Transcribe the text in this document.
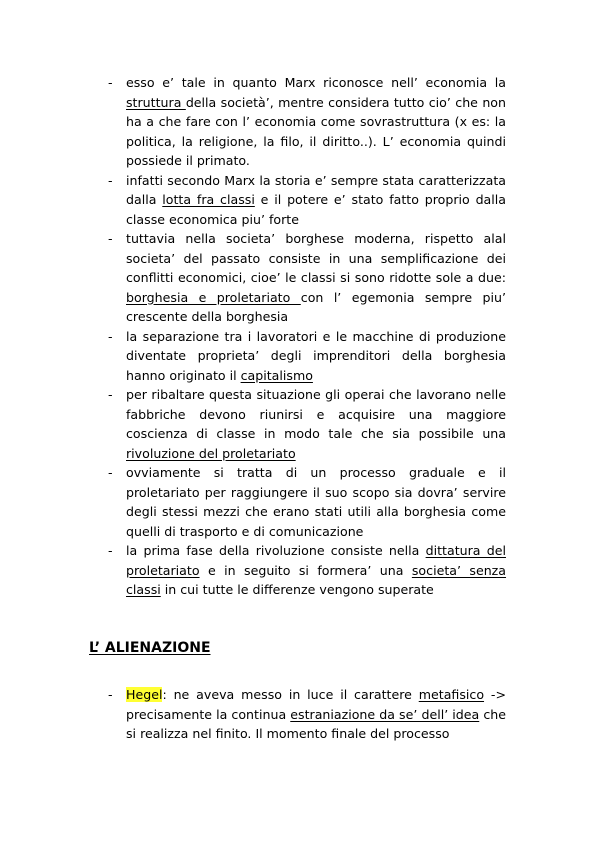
- esso e’ tale in quanto Marx riconosce nell’ economia la struttura della società’, mentre considera tutto cio’ che non ha a che fare con l’ economia come sovrastruttura (x es: la politica, la religione, la filo, il diritto..). L’ economia quindi possiede il primato.
- infatti secondo Marx la storia e’ sempre stata caratterizzata dalla lotta fra classi e il potere e’ stato fatto proprio dalla classe economica piu’ forte
- tuttavia nella societa’ borghese moderna, rispetto alal societa’ del passato consiste in una semplificazione dei conflitti economici, cioe’ le classi si sono ridotte sole a due: borghesia e proletariato con l’ egemonia sempre piu’ crescente della borghesia
- la separazione tra i lavoratori e le macchine di produzione diventate proprieta’ degli imprenditori della borghesia hanno originato il capitalismo
- per ribaltare questa situazione gli operai che lavorano nelle fabbriche devono riunirsi e acquisire una maggiore coscienza di classe in modo tale che sia possibile una rivoluzione del proletariato
- ovviamente si tratta di un processo graduale e il proletariato per raggiungere il suo scopo sia dovra’ servire degli stessi mezzi che erano stati utili alla borghesia come quelli di trasporto e di comunicazione
- la prima fase della rivoluzione consiste nella dittatura del proletariato e in seguito si formera’ una societa’ senza classi in cui tutte le differenze vengono superate
L’ ALIENAZIONE
- Hegel: ne aveva messo in luce il carattere metafisico -> precisamente la continua estraniazione da se’ dell’ idea che si realizza nel finito. Il momento finale del processo
